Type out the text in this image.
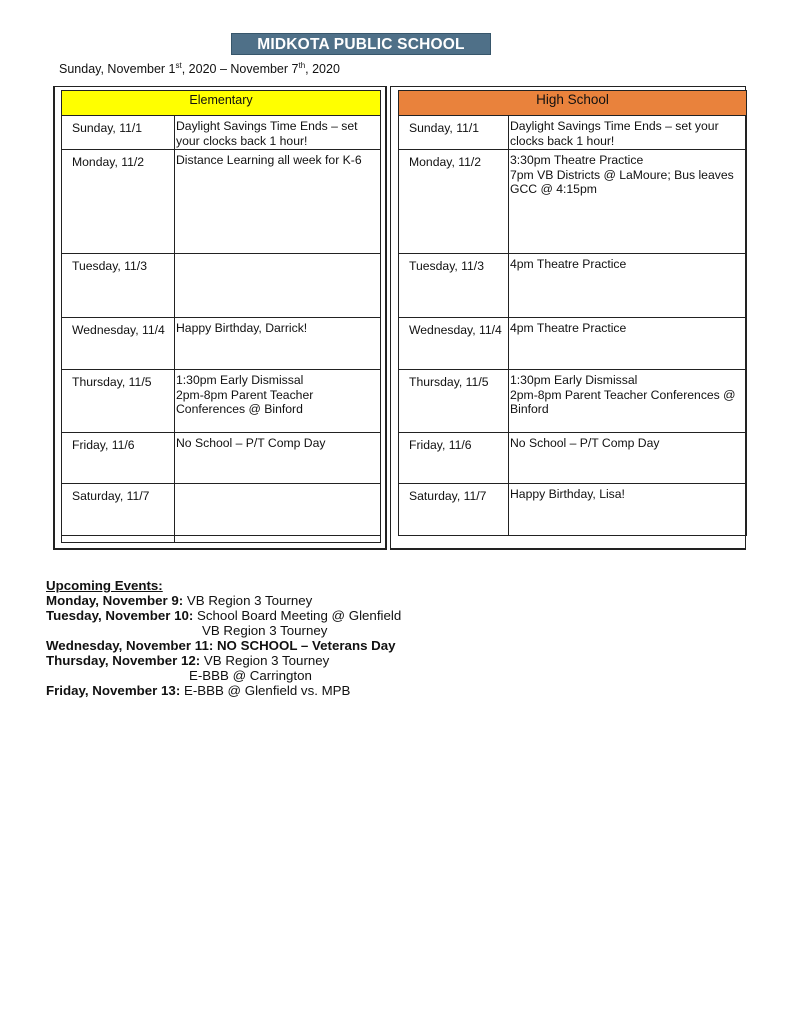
MIDKOTA PUBLIC SCHOOL
Sunday, November 1st, 2020 – November 7th, 2020
Elementary	
Sunday, 11/1	Daylight Savings Time Ends – set your clocks back 1 hour!
Monday, 11/2	Distance Learning all week for K-6
Tuesday, 11/3	
Wednesday, 11/4	Happy Birthday, Darrick!
Thursday, 11/5	1:30pm Early Dismissal
2pm-8pm Parent Teacher Conferences @ Binford
Friday, 11/6	No School – P/T Comp Day
Saturday, 11/7	

High School	
Sunday, 11/1	Daylight Savings Time Ends – set your clocks back 1 hour!
Monday, 11/2	3:30pm Theatre Practice
7pm VB Districts @ LaMoure; Bus leaves GCC @ 4:15pm
Tuesday, 11/3	4pm Theatre Practice
Wednesday, 11/4	4pm Theatre Practice
Thursday, 11/5	1:30pm Early Dismissal
2pm-8pm Parent Teacher Conferences @ Binford
Friday, 11/6	No School – P/T Comp Day
Saturday, 11/7	Happy Birthday, Lisa!
Upcoming Events:
Monday, November 9: VB Region 3 Tourney
Tuesday, November 10: School Board Meeting @ Glenfield
VB Region 3 Tourney
Wednesday, November 11: NO SCHOOL – Veterans Day
Thursday, November 12: VB Region 3 Tourney
E-BBB @ Carrington
Friday, November 13: E-BBB @ Glenfield vs. MPB
